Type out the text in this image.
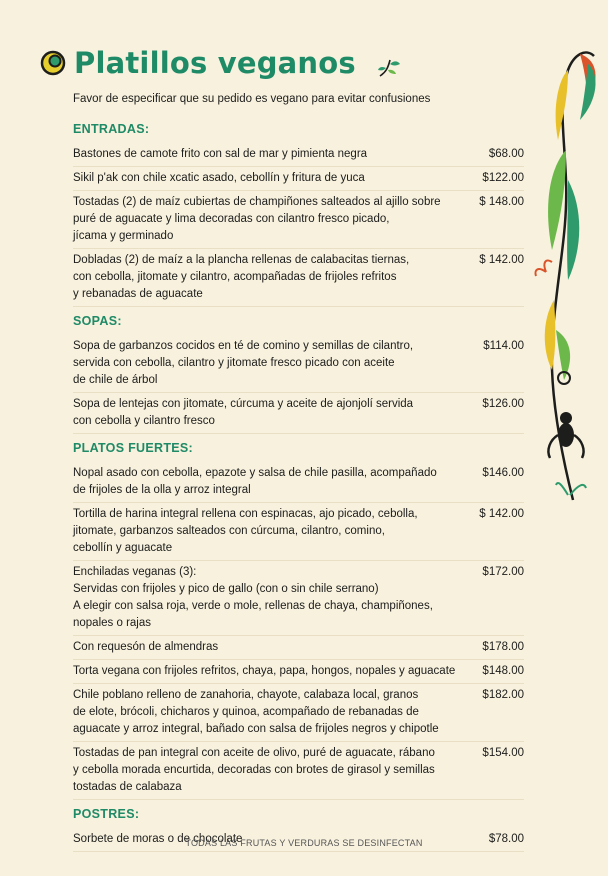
Platillos veganos
Favor de especificar que su pedido es vegano para evitar confusiones
ENTRADAS:
Bastones de camote frito con sal de mar y pimienta negra	$68.00
Sikil p'ak con chile xcatic asado, cebollín y fritura de yuca	$122.00
Tostadas (2) de maíz cubiertas de champiñones salteados al ajillo sobre
puré de aguacate y lima decoradas con cilantro fresco picado,
jícama y germinado
$ 148.00
Dobladas (2) de maíz a la plancha rellenas de calabacitas tiernas,
con cebolla, jitomate y cilantro, acompañadas de frijoles refritos
y rebanadas de aguacate
$ 142.00
SOPAS:
Sopa de garbanzos cocidos en té de comino y semillas de cilantro,
servida con cebolla, cilantro y jitomate fresco picado con aceite
de chile de árbol
$114.00
Sopa de lentejas con jitomate, cúrcuma y aceite de ajonjolí servida
con cebolla y cilantro fresco
$126.00
PLATOS FUERTES:
Nopal asado con cebolla, epazote y salsa de chile pasilla, acompañado
de frijoles de la olla y arroz integral
$146.00
Tortilla de harina integral rellena con espinacas, ajo picado, cebolla,
jitomate, garbanzos salteados con cúrcuma, cilantro, comino,
cebollín y aguacate
$ 142.00
Enchiladas veganas (3):
Servidas con frijoles y pico de gallo (con o sin chile serrano)
A elegir con salsa roja, verde o mole, rellenas de chaya, champiñones,
nopales o rajas
$172.00
Con requesón de almendras	$178.00
Torta vegana con frijoles refritos, chaya, papa, hongos, nopales y aguacate	$148.00
Chile poblano relleno de zanahoria, chayote, calabaza local, granos
de elote, brócoli, chicharos y quinoa, acompañado de rebanadas de
aguacate y arroz integral, bañado con salsa de frijoles negros y chipotle
$182.00
Tostadas de pan integral con aceite de olivo, puré de aguacate, rábano
y cebolla morada encurtida, decoradas con brotes de girasol y semillas
tostadas de calabaza
$154.00
POSTRES:
Sorbete de moras o de chocolate	$78.00
TODAS LAS FRUTAS Y VERDURAS SE DESINFECTAN
